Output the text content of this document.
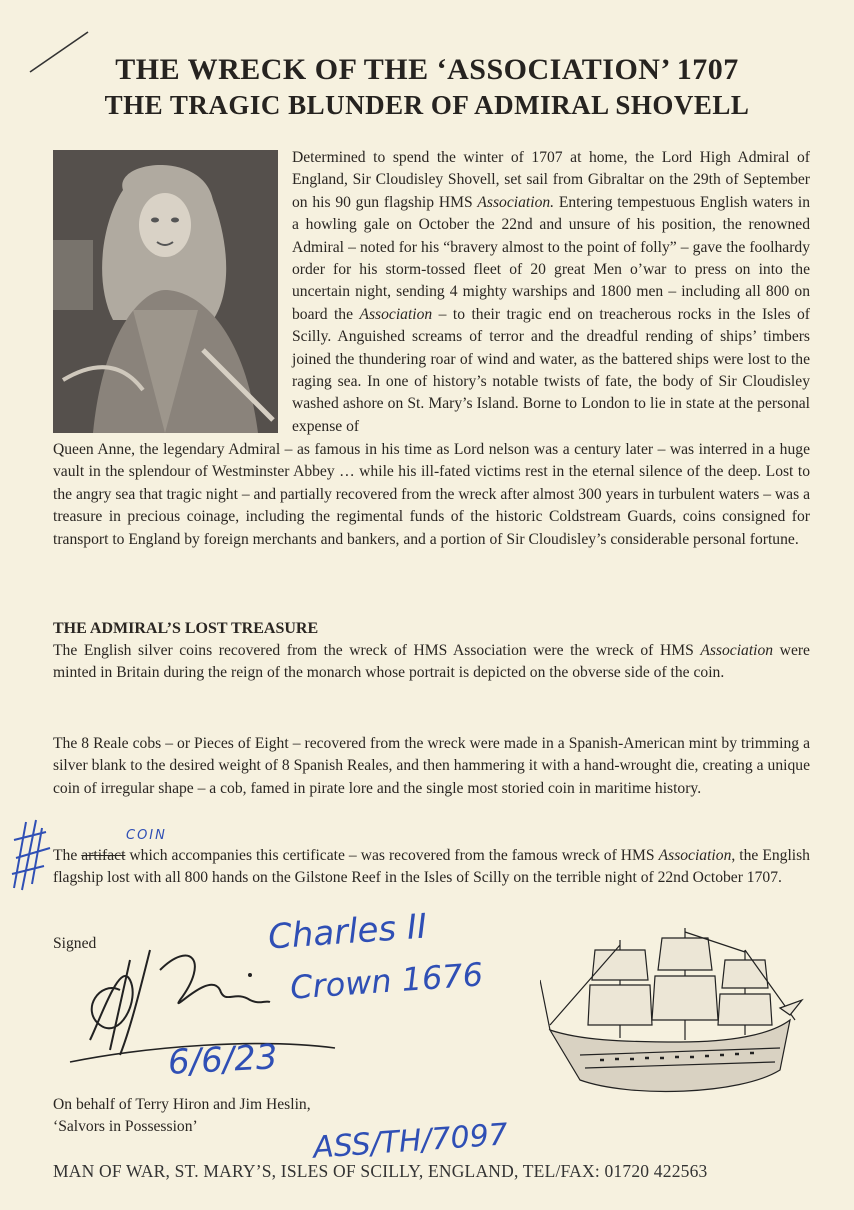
THE WRECK OF THE ‘ASSOCIATION’ 1707
THE TRAGIC BLUNDER OF ADMIRAL SHOVELL
Determined to spend the winter of 1707 at home, the Lord High Admiral of England, Sir Cloudisley Shovell, set sail from Gibraltar on the 29th of September on his 90 gun flagship HMS Association. Entering tempestuous English waters in a howling gale on October the 22nd and unsure of his position, the renowned Admiral – noted for his “bravery almost to the point of folly” – gave the foolhardy order for his storm-tossed fleet of 20 great Men o’war to press on into the uncertain night, sending 4 mighty warships and 1800 men – including all 800 on board the Association – to their tragic end on treacherous rocks in the Isles of Scilly. Anguished screams of terror and the dreadful rending of ships’ timbers joined the thundering roar of wind and water, as the battered ships were lost to the raging sea. In one of history’s notable twists of fate, the body of Sir Cloudisley washed ashore on St. Mary’s Island. Borne to London to lie in state at the personal expense of
Queen Anne, the legendary Admiral – as famous in his time as Lord nelson was a century later – was interred in a huge vault in the splendour of Westminster Abbey … while his ill-fated victims rest in the eternal silence of the deep. Lost to the angry sea that tragic night – and partially recovered from the wreck after almost 300 years in turbulent waters – was a treasure in precious coinage, including the regimental funds of the historic Coldstream Guards, coins consigned for transport to England by foreign merchants and bankers, and a portion of Sir Cloudisley’s considerable personal fortune.
THE ADMIRAL’S LOST TREASURE
The English silver coins recovered from the wreck of HMS Association were the wreck of HMS Association were minted in Britain during the reign of the monarch whose portrait is depicted on the obverse side of the coin.
The 8 Reale cobs – or Pieces of Eight – recovered from the wreck were made in a Spanish-American mint by trimming a silver blank to the desired weight of 8 Spanish Reales, and then hammering it with a hand-wrought die, creating a unique coin of irregular shape – a cob, famed in pirate lore and the single most storied coin in maritime history.
The artifact which accompanies this certificate – was recovered from the famous wreck of HMS Association, the English flagship lost with all 800 hands on the Gilstone Reef in the Isles of Scilly on the terrible night of 22nd October 1707.
COIN
Signed	Charles II
Crown 1676
6/6/23
On behalf of Terry Hiron and Jim Heslin,
‘Salvors in Possession’	ASS/TH/7097
MAN OF WAR, ST. MARY’S, ISLES OF SCILLY, ENGLAND, TEL/FAX: 01720 422563
